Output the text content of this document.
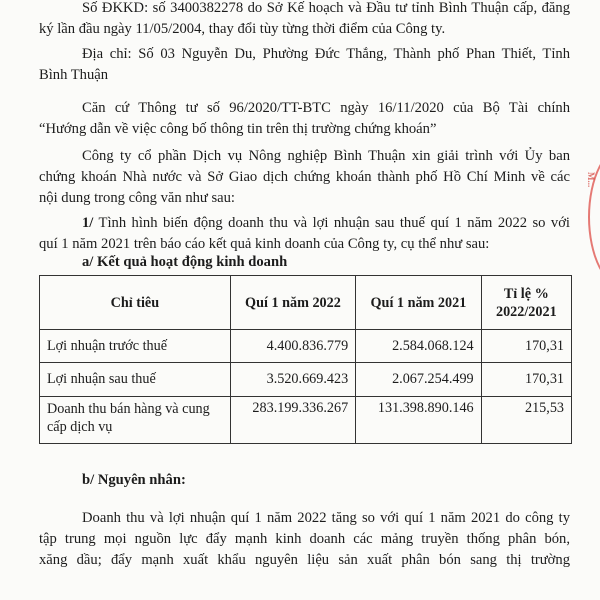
Số ĐKKD: số 3400382278 do Sở Kế hoạch và Đầu tư tỉnh Bình Thuận cấp, đăng
ký lần đầu ngày 11/05/2004, thay đổi tùy từng thời điểm của Công ty.
Địa chỉ: Số 03 Nguyễn Du, Phường Đức Thắng, Thành phố Phan Thiết, Tỉnh
Bình Thuận
Căn cứ Thông tư số 96/2020/TT-BTC ngày 16/11/2020 của Bộ Tài chính
“Hướng dẫn về việc công bố thông tin trên thị trường chứng khoán”
Công ty cổ phần Dịch vụ Nông nghiệp Bình Thuận xin giải trình với Ủy ban
chứng khoán Nhà nước và Sở Giao dịch chứng khoán thành phố Hồ Chí Minh về các
nội dung trong công văn như sau:
1/ Tình hình biến động doanh thu và lợi nhuận sau thuế quí 1 năm 2022 so với
quí 1 năm 2021 trên báo cáo kết quả kinh doanh của Công ty, cụ thể như sau:
a/ Kết quả hoạt động kinh doanh
Chỉ tiêu	Quí 1 năm 2022	Quí 1 năm 2021	Tỉ lệ %
2022/2021

Lợi nhuận trước thuế	4.400.836.779	2.584.068.124	170,31
Lợi nhuận sau thuế	3.520.669.423	2.067.254.499	170,31

Doanh thu bán hàng và cung
cấp dịch vụ	283.199.336.267	131.398.890.146	215,53
b/ Nguyên nhân:
Doanh thu và lợi nhuận quí 1 năm 2022 tăng so với quí 1 năm 2021 do công ty
tập trung mọi nguồn lực đẩy mạnh kinh doanh các mảng truyền thống phân bón,
xăng dầu; đẩy mạnh xuất khẩu nguyên liệu sản xuất phân bón sang thị trường
M...
